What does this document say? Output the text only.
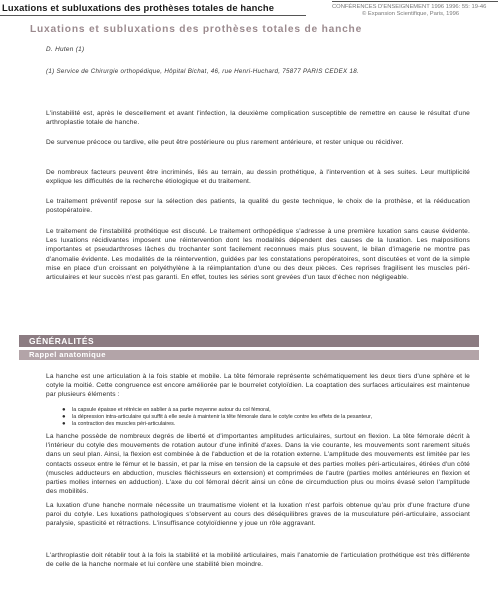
Luxations et subluxations des prothèses totales de hanche	CONFÉRENCES D'ENSEIGNEMENT 1996 1996: 55: 19-46
© Expansion Scientifique, Paris, 1996
Luxations et subluxations des prothèses totales de hanche
D. Huten (1)
(1) Service de Chirurgie orthopédique, Hôpital Bichat, 46, rue Henri-Huchard, 75877 PARIS CEDEX 18.
L'instabilité est, après le descellement et avant l'infection, la deuxième complication susceptible de remettre en cause le résultat d'une arthroplastie totale de hanche.
De survenue précoce ou tardive, elle peut être postérieure ou plus rarement antérieure, et rester unique ou récidiver.
De nombreux facteurs peuvent être incriminés, liés au terrain, au dessin prothétique, à l'intervention et à ses suites. Leur multiplicité explique les difficultés de la recherche étiologique et du traitement.
Le traitement préventif repose sur la sélection des patients, la qualité du geste technique, le choix de la prothèse, et la rééducation postopératoire.
Le traitement de l'instabilité prothétique est discuté. Le traitement orthopédique s'adresse à une première luxation sans cause évidente. Les luxations récidivantes imposent une réintervention dont les modalités dépendent des causes de la luxation. Les malpositions importantes et pseudarthroses lâches du trochanter sont facilement reconnues mais plus souvent, le bilan d'imagerie ne montre pas d'anomalie évidente. Les modalités de la réintervention, guidées par les constatations peropératoires, sont discutées et vont de la simple mise en place d'un croissant en polyéthylène à la réimplantation d'une ou des deux pièces. Ces reprises fragilisent les muscles péri-articulaires et leur succès n'est pas garanti. En effet, toutes les séries sont grevées d'un taux d'échec non négligeable.
GÉNÉRALITÉS
Rappel anatomique
La hanche est une articulation à la fois stable et mobile. La tête fémorale représente schématiquement les deux tiers d'une sphère et le cotyle la moitié. Cette congruence est encore améliorée par le bourrelet cotyloïdien. La coaptation des surfaces articulaires est maintenue par plusieurs éléments :
● la capsule épaisse et rétrécie en sablier à sa partie moyenne autour du col fémoral,
● la dépression intra-articulaire qui suffit à elle seule à maintenir la tête fémorale dans le cotyle contre les effets de la pesanteur,
● la contraction des muscles péri-articulaires.
La hanche possède de nombreux degrés de liberté et d'importantes amplitudes articulaires, surtout en flexion. La tête fémorale décrit à l'intérieur du cotyle des mouvements de rotation autour d'une infinité d'axes. Dans la vie courante, les mouvements sont rarement situés dans un seul plan. Ainsi, la flexion est combinée à de l'abduction et de la rotation externe. L'amplitude des mouvements est limitée par les contacts osseux entre le fémur et le bassin, et par la mise en tension de la capsule et des parties molles péri-articulaires, étirées d'un côté (muscles adducteurs en abduction, muscles fléchisseurs en extension) et comprimées de l'autre (parties molles antérieures en flexion et parties molles internes en adduction). L'axe du col fémoral décrit ainsi un cône de circumduction plus ou moins évasé selon l'amplitude des mobilités.
La luxation d'une hanche normale nécessite un traumatisme violent et la luxation n'est parfois obtenue qu'au prix d'une fracture d'une paroi du cotyle. Les luxations pathologiques s'observent au cours des déséquilibres graves de la musculature péri-articulaire, associant paralysie, spasticité et rétractions. L'insuffisance cotyloïdienne y joue un rôle aggravant.
L'arthroplastie doit rétablir tout à la fois la stabilité et la mobilité articulaires, mais l'anatomie de l'articulation prothétique est très différente de celle de la hanche normale et lui confère une stabilité bien moindre.
